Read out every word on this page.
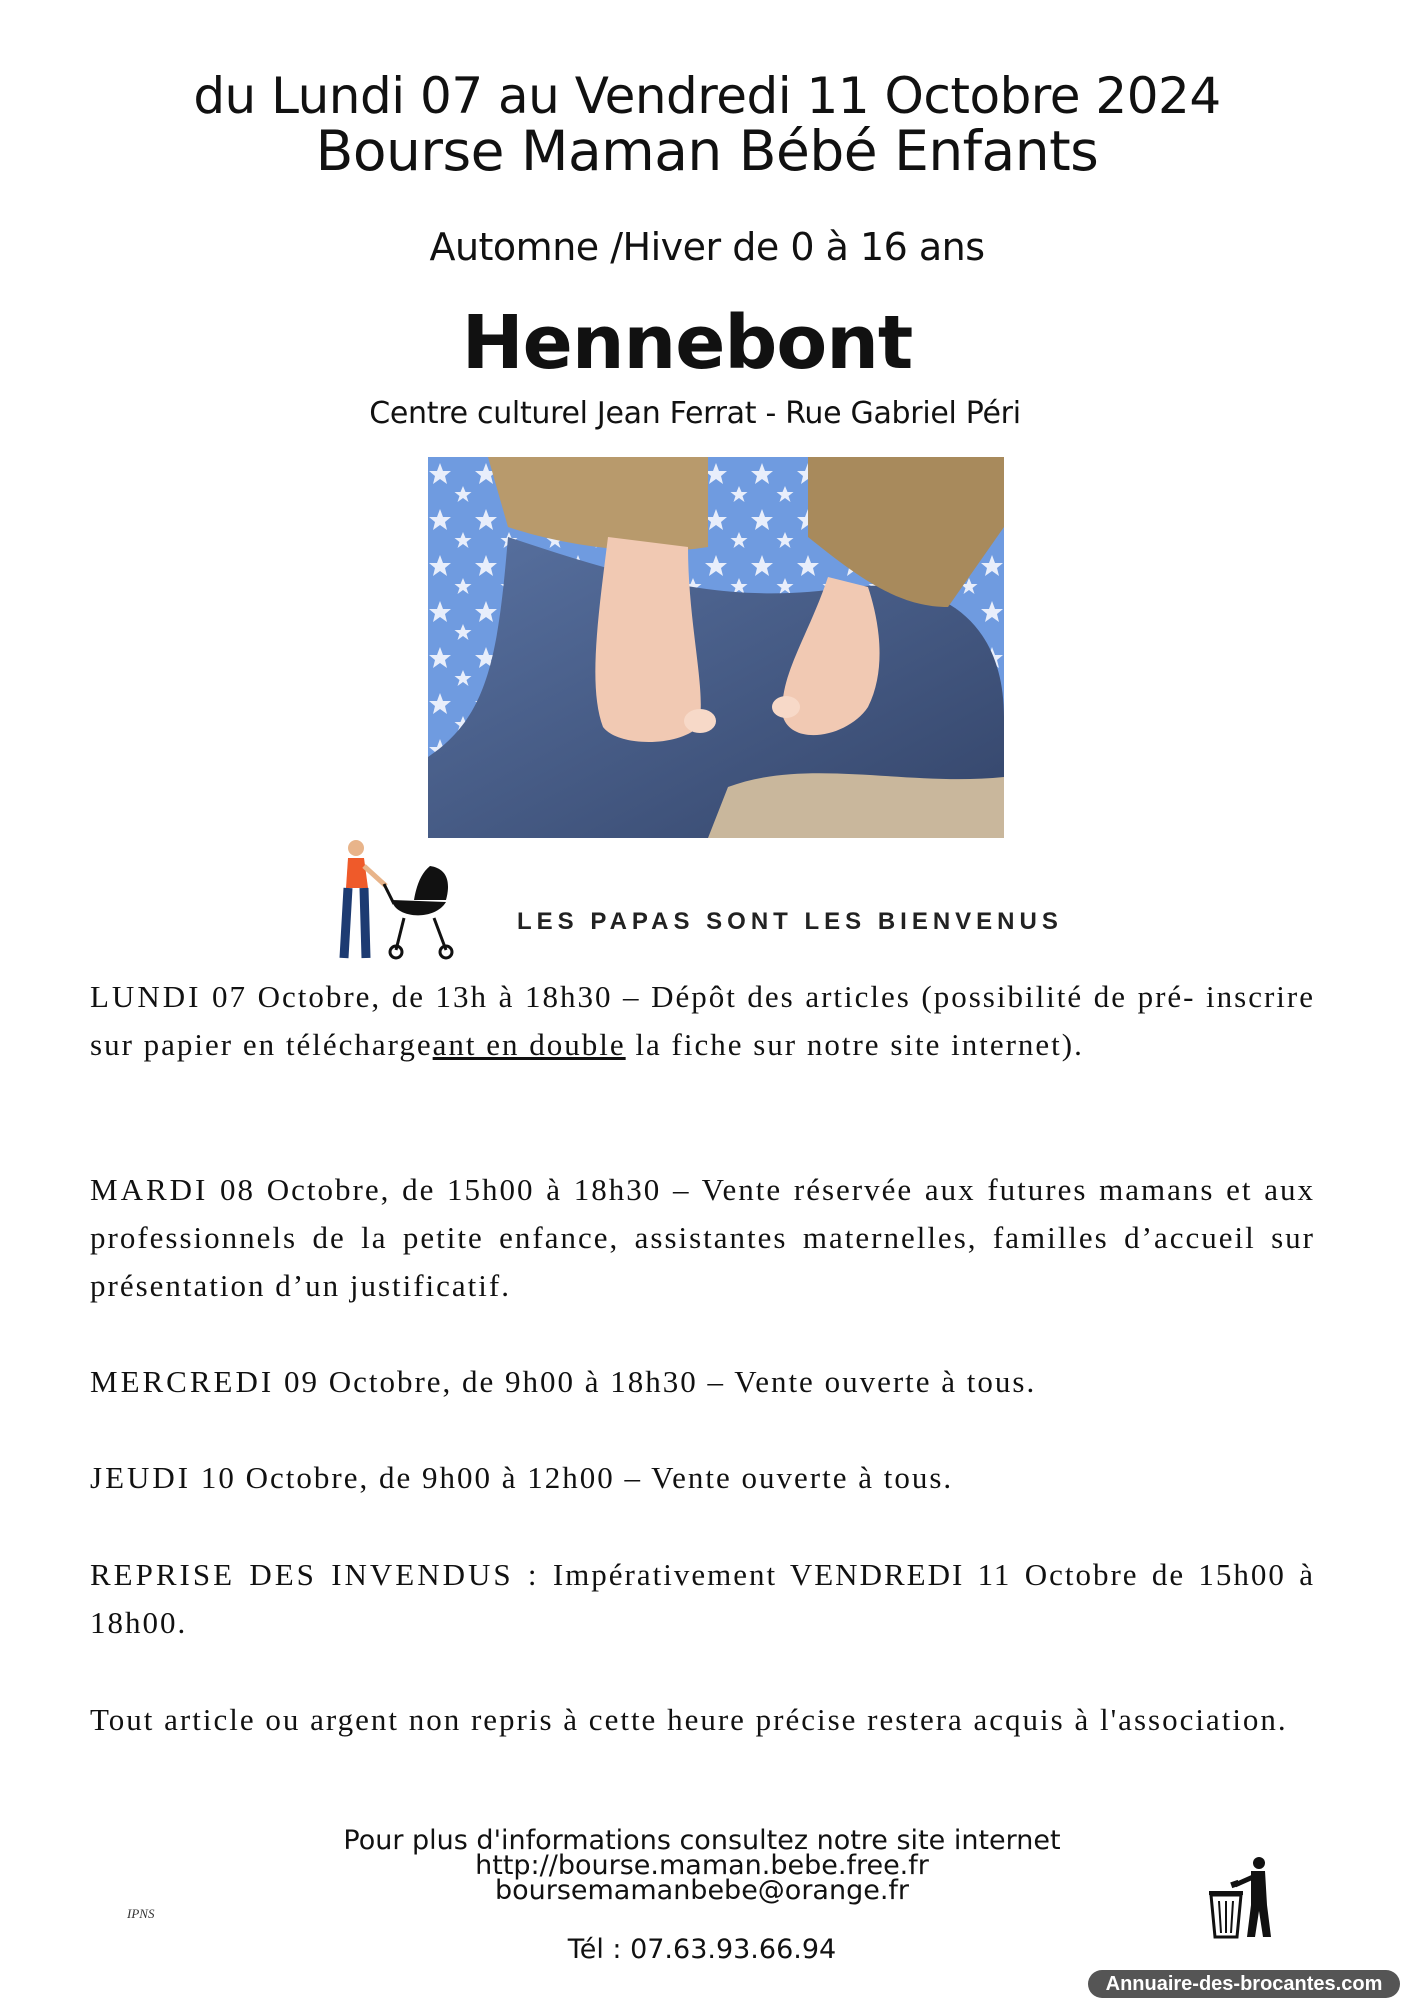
du Lundi 07 au Vendredi 11 Octobre 2024
Bourse Maman Bébé Enfants
Automne /Hiver de 0 à 16 ans
Hennebont
Centre culturel Jean Ferrat - Rue Gabriel Péri
LES PAPAS SONT LES BIENVENUS
LUNDI 07 Octobre, de 13h à 18h30 – Dépôt des articles (possibilité de pré- inscrire sur papier en téléchargeant en double la fiche sur notre site internet).
MARDI 08 Octobre, de 15h00 à 18h30 – Vente réservée aux futures mamans et aux professionnels de la petite enfance, assistantes maternelles, familles d’accueil sur présentation d’un justificatif.
MERCREDI 09 Octobre, de 9h00 à 18h30 – Vente ouverte à tous.
JEUDI 10 Octobre, de 9h00 à 12h00 – Vente ouverte à tous.
REPRISE DES INVENDUS : Impérativement VENDREDI 11 Octobre de 15h00 à 18h00.
Tout article ou argent non repris à cette heure précise restera acquis à l'association.
Pour plus d'informations consultez notre site internet
http://bourse.maman.bebe.free.fr
boursemamanbebe@orange.fr
Tél : 07.63.93.66.94
IPNS
Annuaire-des-brocantes.com
